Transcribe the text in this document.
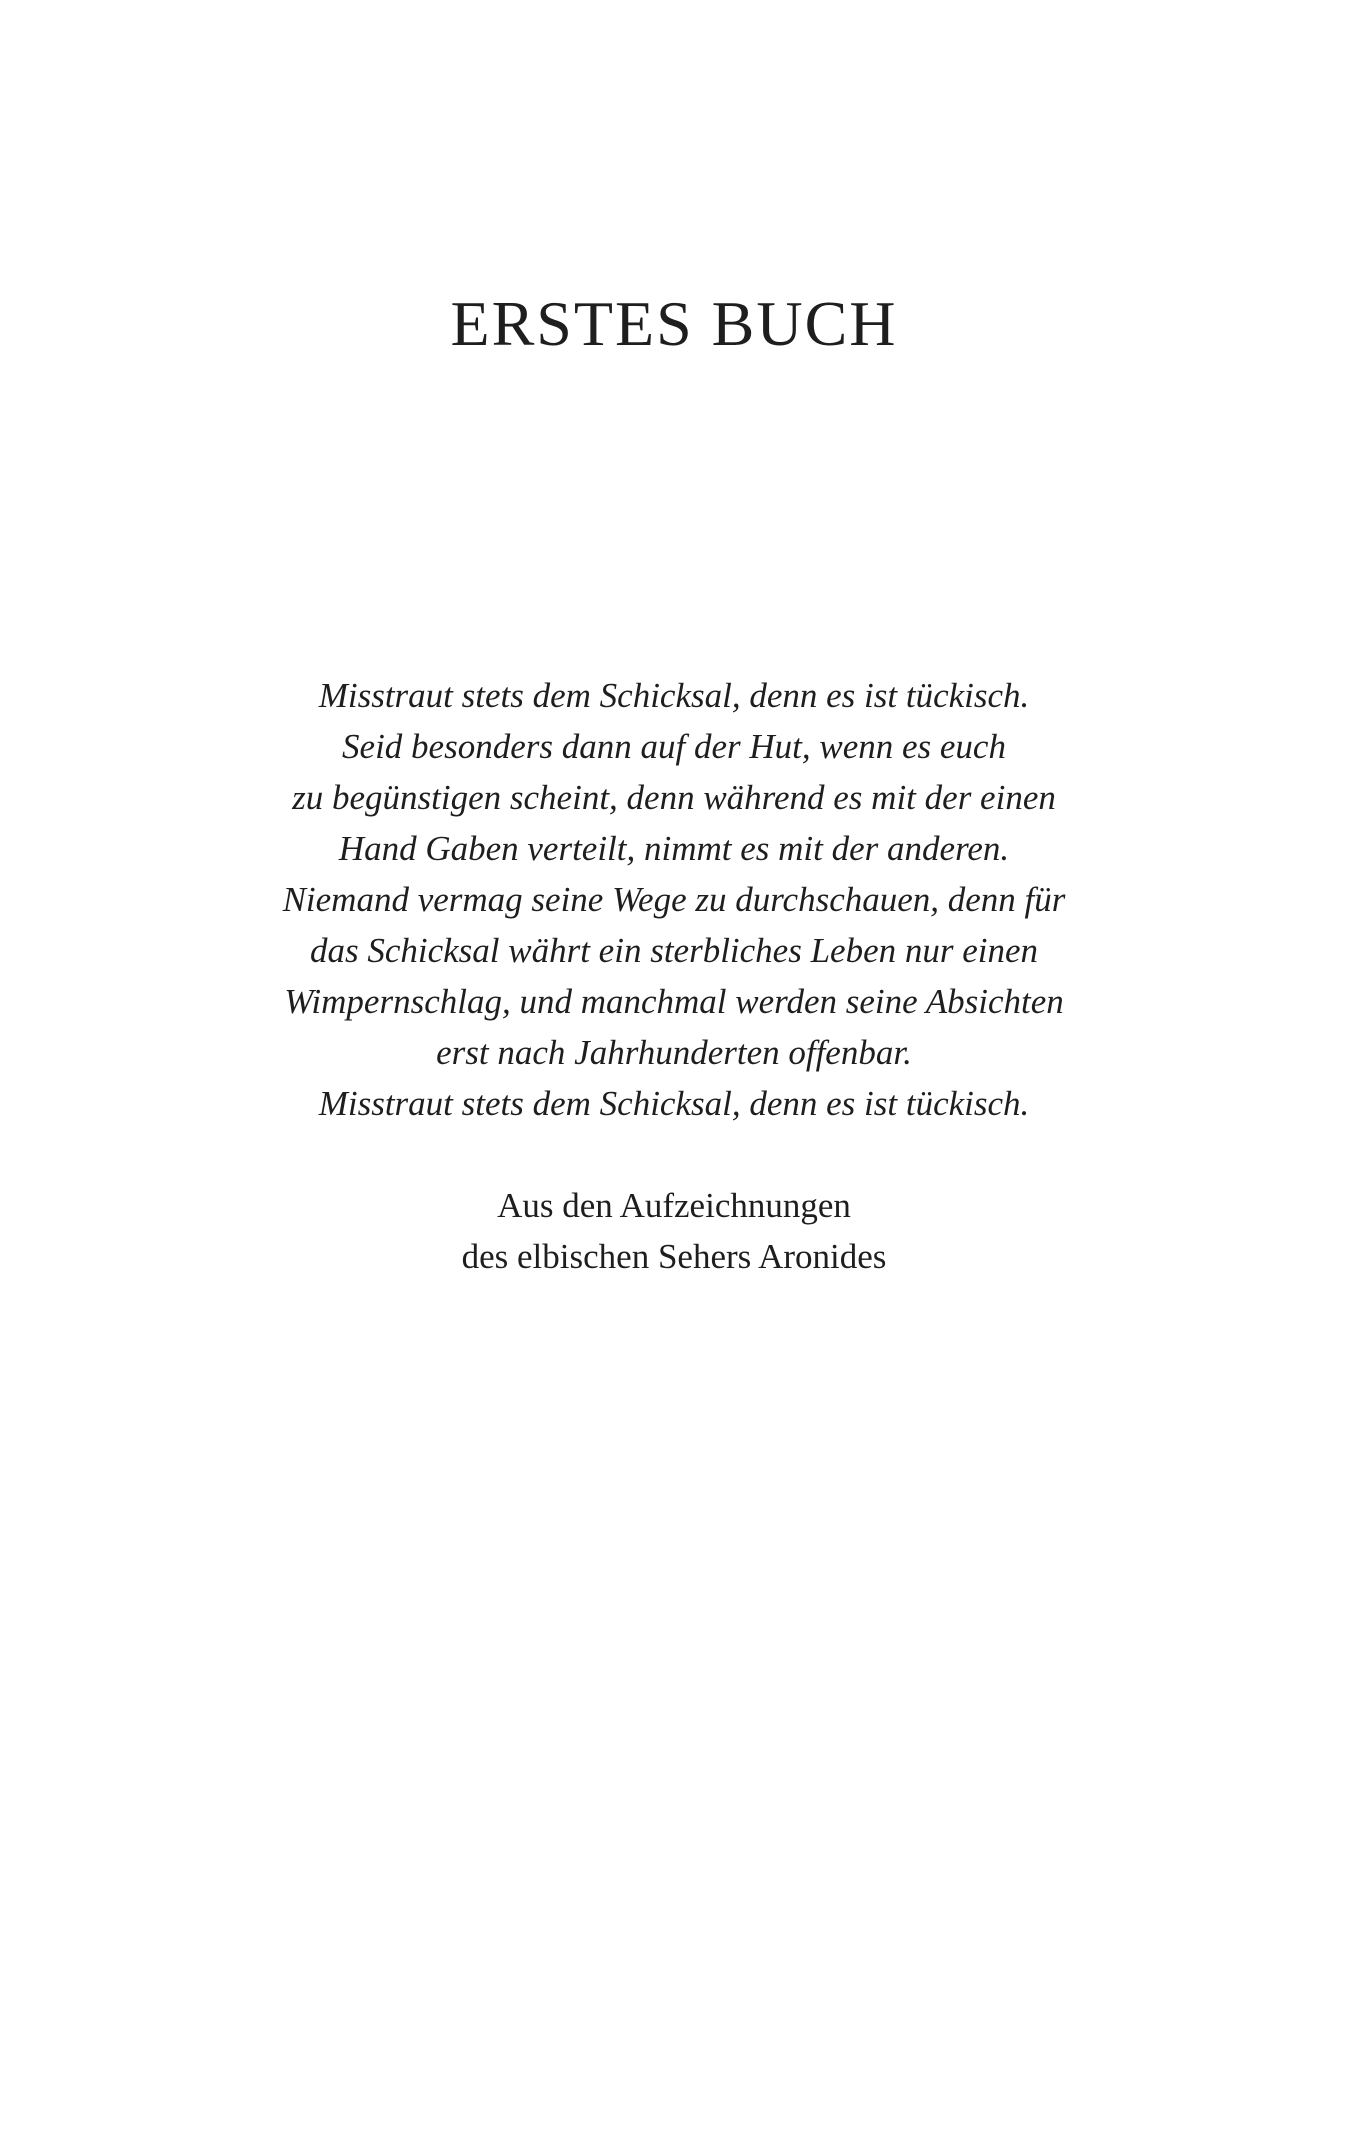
ERSTES BUCH
Misstraut stets dem Schicksal, denn es ist tückisch.
Seid besonders dann auf der Hut, wenn es euch
zu begünstigen scheint, denn während es mit der einen
Hand Gaben verteilt, nimmt es mit der anderen.
Niemand vermag seine Wege zu durchschauen, denn für
das Schicksal währt ein sterbliches Leben nur einen
Wimpernschlag, und manchmal werden seine Absichten
erst nach Jahrhunderten offenbar.
Misstraut stets dem Schicksal, denn es ist tückisch.
Aus den Aufzeichnungen
des elbischen Sehers Aronides
